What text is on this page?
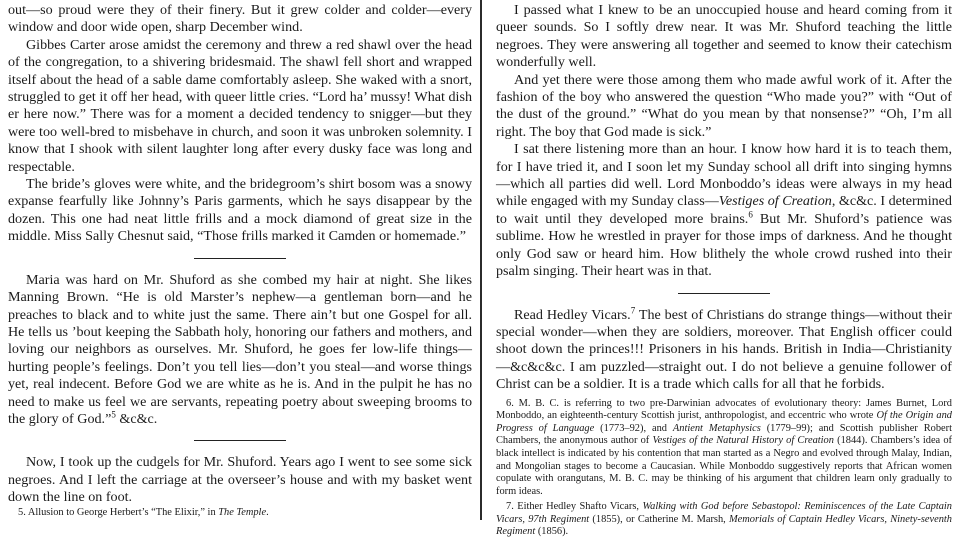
out—so proud were they of their finery. But it grew colder and colder—every window and door wide open, sharp December wind.

Gibbes Carter arose amidst the ceremony and threw a red shawl over the head of the congregation, to a shivering bridesmaid. The shawl fell short and wrapped itself about the head of a sable dame comfortably asleep. She waked with a snort, struggled to get it off her head, with queer little cries. “Lord ha’ mussy! What dish er here now.” There was for a moment a decided tendency to snigger—but they were too well-bred to misbehave in church, and soon it was unbroken solemnity. I know that I shook with silent laughter long after every dusky face was long and respectable.

The bride’s gloves were white, and the bridegroom’s shirt bosom was a snowy expanse fearfully like Johnny’s Paris garments, which he says disappear by the dozen. This one had neat little frills and a mock diamond of great size in the middle. Miss Sally Chesnut said, “Those frills marked it Camden or homemade.”

Maria was hard on Mr. Shuford as she combed my hair at night. She likes Manning Brown. “He is old Marster’s nephew—a gentleman born—and he preaches to black and to white just the same. There ain’t but one Gospel for all. He tells us ’bout keeping the Sabbath holy, honoring our fathers and mothers, and loving our neighbors as ourselves. Mr. Shuford, he goes fer low-life things—hurting people’s feelings. Don’t you tell lies—don’t you steal—and worse things yet, real indecent. Before God we are white as he is. And in the pulpit he has no need to make us feel we are servants, repeating poetry about sweeping brooms to the glory of God.”$^5$ &c&c.

Now, I took up the cudgels for Mr. Shuford. Years ago I went to see some sick negroes. And I left the carriage at the overseer’s house and with my basket went down the line on foot.

5. Allusion to George Herbert’s “The Elixir,” in The Temple.

I passed what I knew to be an unoccupied house and heard coming from it queer sounds. So I softly drew near. It was Mr. Shuford teaching the little negroes. They were answering all together and seemed to know their catechism wonderfully well.

And yet there were those among them who made awful work of it. After the fashion of the boy who answered the question “Who made you?” with “Out of the dust of the ground.” “What do you mean by that nonsense?” “Oh, I’m all right. The boy that God made is sick.”

I sat there listening more than an hour. I know how hard it is to teach them, for I have tried it, and I soon let my Sunday school all drift into singing hymns—which all parties did well. Lord Monboddo’s ideas were always in my head while engaged with my Sunday class—Vestiges of Creation, &c&c. I determined to wait until they developed more brains.$^6$ But Mr. Shuford’s patience was sublime. How he wrestled in prayer for those imps of darkness. And he thought only God saw or heard him. How blithely the whole crowd rushed into their psalm singing. Their heart was in that.

Read Hedley Vicars.$^7$ The best of Christians do strange things—without their special wonder—when they are soldiers, moreover. That English officer could shoot down the princes!!! Prisoners in his hands. British in India—Christianity—&c&c&c. I am puzzled—straight out. I do not believe a genuine follower of Christ can be a soldier. It is a trade which calls for all that he forbids.

6. M. B. C. is referring to two pre-Darwinian advocates of evolutionary theory: James Burnet, Lord Monboddo, an eighteenth-century Scottish jurist, anthropologist, and eccentric who wrote Of the Origin and Progress of Language (1773–92), and Antient Metaphysics (1779–99); and Scottish publisher Robert Chambers, the anonymous author of Vestiges of the Natural History of Creation (1844). Chambers’s idea of black intellect is indicated by his contention that man started as a Negro and evolved through Malay, Indian, and Mongolian stages to become a Caucasian. While Monboddo suggestively reports that African women copulate with orangutans, M. B. C. may be thinking of his argument that children learn only gradually to form ideas.

7. Either Hedley Shafto Vicars, Walking with God before Sebastopol: Reminiscences of the Late Captain Vicars, 97th Regiment (1855), or Catherine M. Marsh, Memorials of Captain Hedley Vicars, Ninety-seventh Regiment (1856).
